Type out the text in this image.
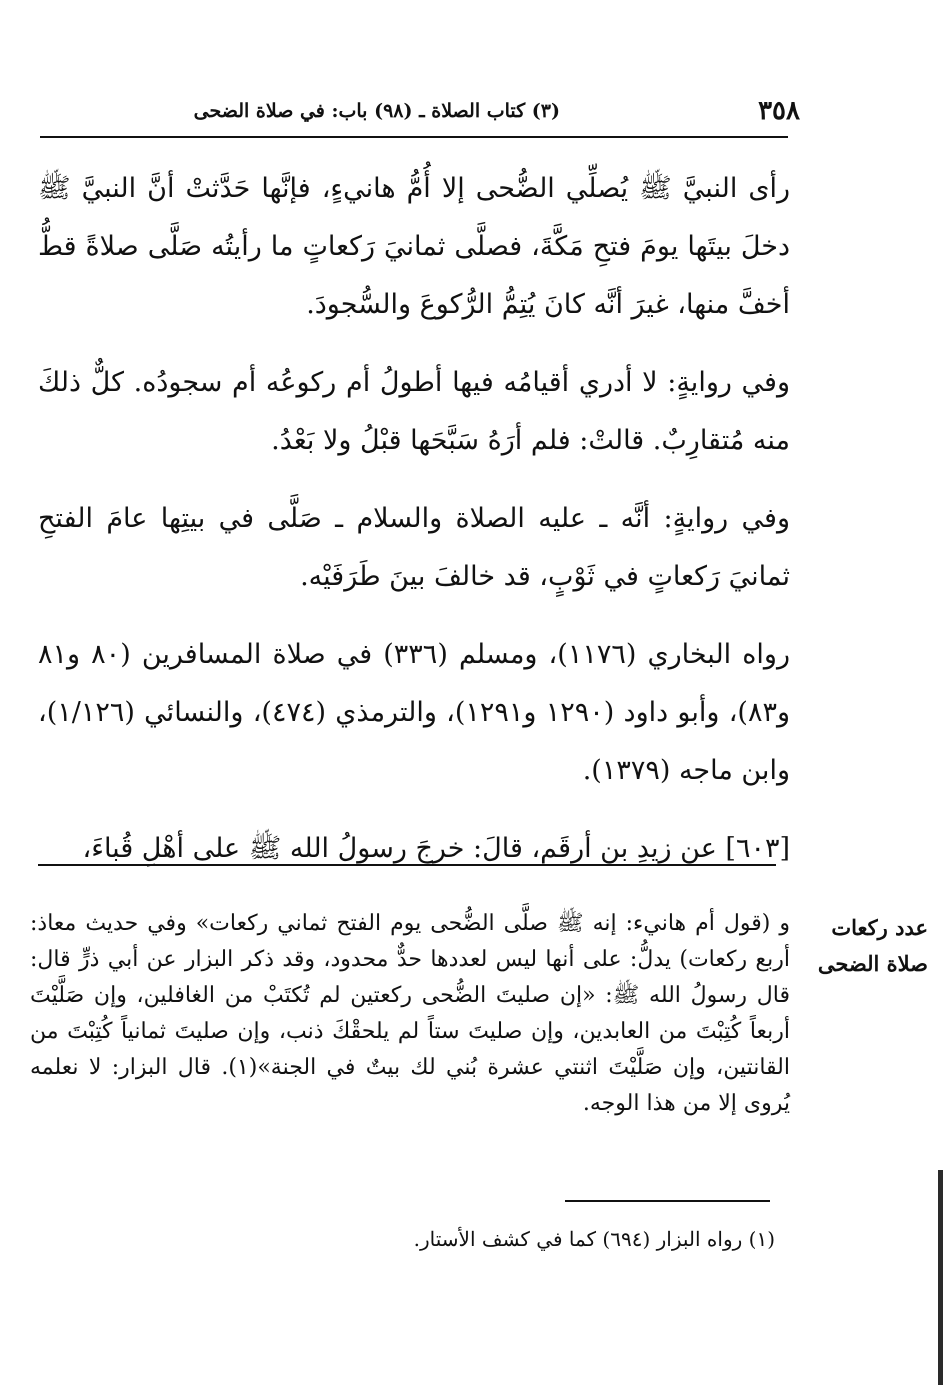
٣٥٨
(٣) كتاب الصلاة ـ (٩٨) باب: في صلاة الضحى

رأى النبيَّ ﷺ يُصلِّي الضُّحى إلا أُمُّ هانيءٍ، فإنَّها حَدَّثتْ أنَّ النبيَّ ﷺ دخلَ بيتَها يومَ فتحِ مَكَّةَ، فصلَّى ثمانيَ رَكعاتٍ ما رأيتُه صَلَّى صلاةً قطُّ أخفَّ منها، غيرَ أنَّه كانَ يُتِمُّ الرُّكوعَ والسُّجودَ.

وفي روايةٍ: لا أدري أقيامُه فيها أطولُ أم ركوعُه أم سجودُه. كلٌّ ذلكَ منه مُتقارِبٌ. قالتْ: فلم أرَهُ سَبَّحَها قبْلُ ولا بَعْدُ.

وفي روايةٍ: أنَّه ـ عليه الصلاة والسلام ـ صَلَّى في بيتِها عامَ الفتحِ ثمانيَ رَكعاتٍ في ثَوْبٍ، قد خالفَ بينَ طَرَفَيْه.

رواه البخاري (١١٧٦)، ومسلم (٣٣٦) في صلاة المسافرين (٨٠ و٨١ و٨٣)، وأبو داود (١٢٩٠ و١٢٩١)، والترمذي (٤٧٤)، والنسائي (١/١٢٦)، وابن ماجه (١٣٧٩).

[٦٠٣] عن زيدِ بن أرقَم، قالَ: خرجَ رسولُ الله ﷺ على أهْلِ قُباءَ،

عدد ركعات صلاة الضحى
و (قول أم هانيء: إنه ﷺ صلَّى الضُّحى يوم الفتح ثماني ركعات» وفي حديث معاذ: أربع ركعات) يدلُّ: على أنها ليس لعددها حدٌّ محدود، وقد ذكر البزار عن أبي ذرٍّ قال: قال رسولُ الله ﷺ: «إن صليتَ الضُّحى ركعتين لم تُكتَبْ من الغافلين، وإن صَلَّيْتَ أربعاً كُتِبْتَ من العابدين، وإن صليتَ ستاً لم يلحقْكَ ذنب، وإن صليتَ ثمانياً كُتِبْتَ من القانتين، وإن صَلَّيْتَ اثنتي عشرة بُني لك بيتٌ في الجنة»(١). قال البزار: لا نعلمه يُروى إلا من هذا الوجه.
(١) رواه البزار (٦٩٤) كما في كشف الأستار.
